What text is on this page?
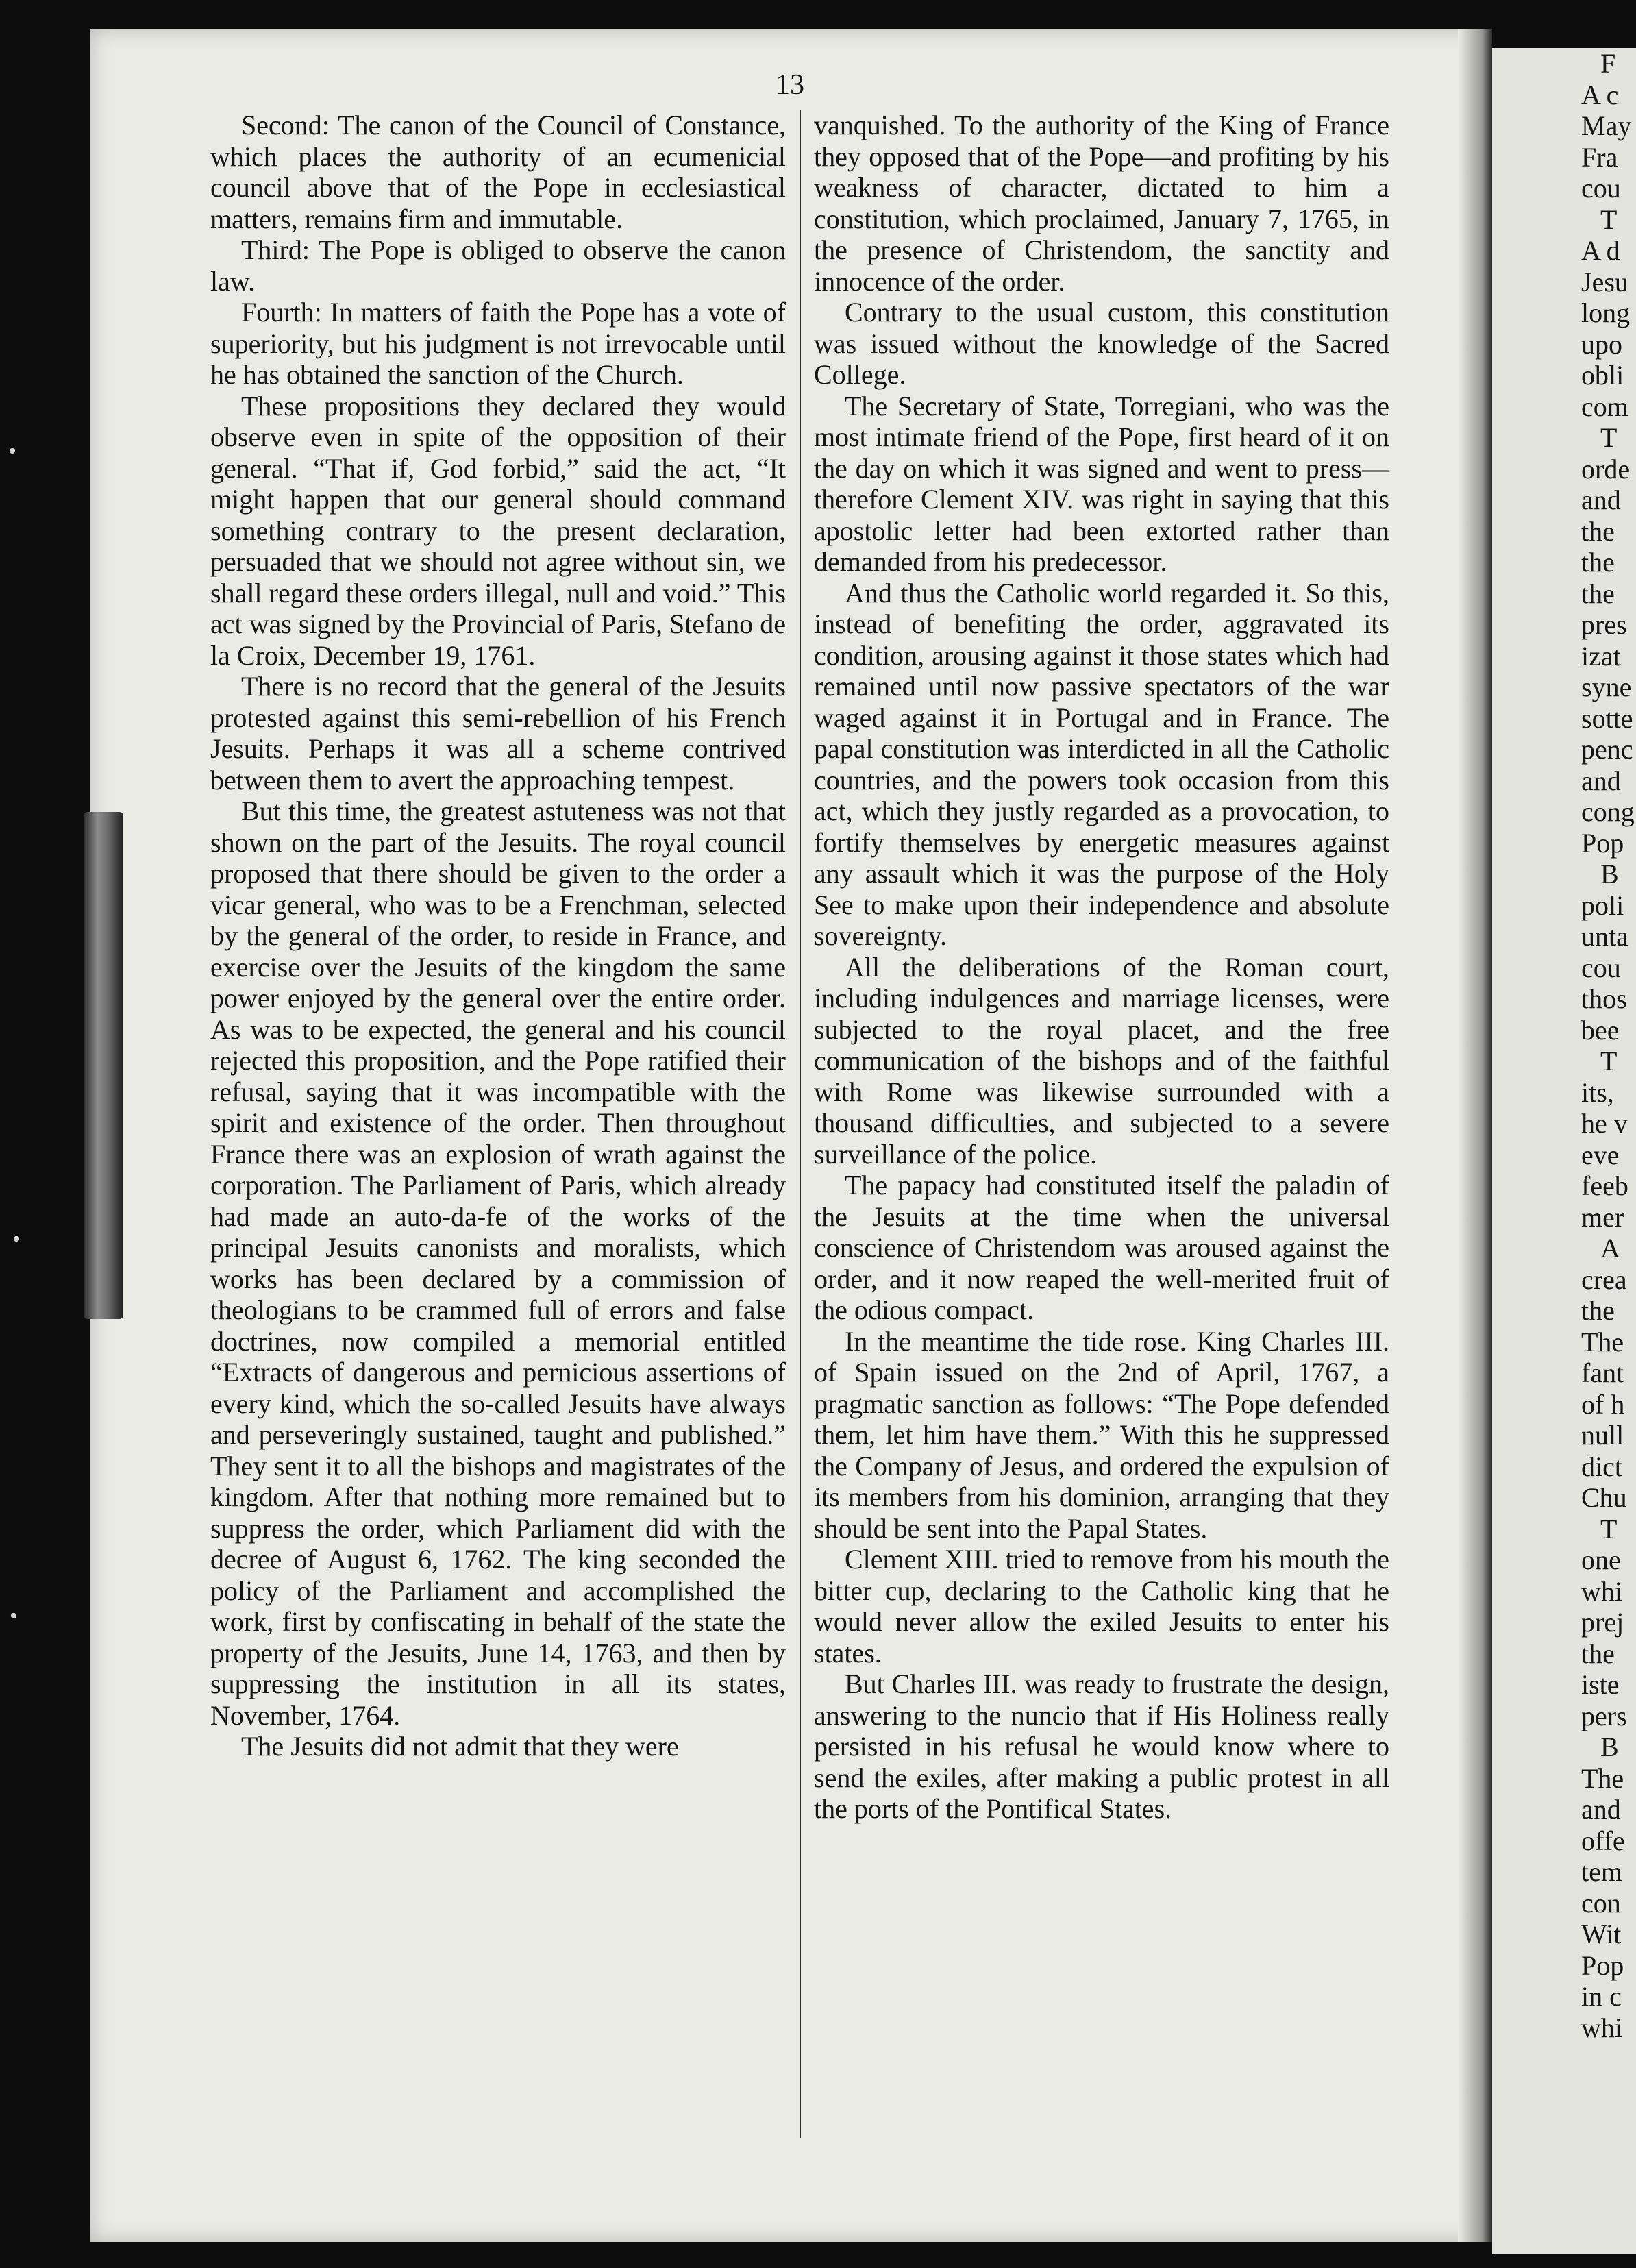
•
•
•
13

Second: The canon of the Council of Constance, which places the authority of an ecumenicial council above that of the Pope in ecclesiastical matters, remains firm and immutable.

Third: The Pope is obliged to observe the canon law.

Fourth: In matters of faith the Pope has a vote of superiority, but his judgment is not irrevocable until he has obtained the sanction of the Church.

These propositions they declared they would observe even in spite of the opposition of their general. “That if, God forbid,” said the act, “It might happen that our general should command something contrary to the present declaration, persuaded that we should not agree without sin, we shall regard these orders illegal, null and void.” This act was signed by the Provincial of Paris, Stefano de la Croix, December 19, 1761.

There is no record that the general of the Jesuits protested against this semi-rebellion of his French Jesuits. Perhaps it was all a scheme contrived between them to avert the approaching tempest.

But this time, the greatest astuteness was not that shown on the part of the Jesuits. The royal council proposed that there should be given to the order a vicar general, who was to be a Frenchman, selected by the general of the order, to reside in France, and exercise over the Jesuits of the kingdom the same power enjoyed by the general over the entire order. As was to be expected, the general and his council rejected this proposition, and the Pope ratified their refusal, saying that it was incompatible with the spirit and existence of the order. Then throughout France there was an explosion of wrath against the corporation. The Parliament of Paris, which already had made an auto-da-fe of the works of the principal Jesuits canonists and moralists, which works has been declared by a commission of theologians to be crammed full of errors and false doctrines, now compiled a memorial entitled “Extracts of dangerous and pernicious assertions of every kind, which the so-called Jesuits have always and perseveringly sustained, taught and published.” They sent it to all the bishops and magistrates of the kingdom. After that nothing more remained but to suppress the order, which Parliament did with the decree of August 6, 1762. The king seconded the policy of the Parliament and accomplished the work, first by confiscating in behalf of the state the property of the Jesuits, June 14, 1763, and then by suppressing the institution in all its states, November, 1764.

The Jesuits did not admit that they were

vanquished. To the authority of the King of France they opposed that of the Pope—and profiting by his weakness of character, dictated to him a constitution, which proclaimed, January 7, 1765, in the presence of Christendom, the sanctity and innocence of the order.

Contrary to the usual custom, this constitution was issued without the knowledge of the Sacred College.

The Secretary of State, Torregiani, who was the most intimate friend of the Pope, first heard of it on the day on which it was signed and went to press—therefore Clement XIV. was right in saying that this apostolic letter had been extorted rather than demanded from his predecessor.

And thus the Catholic world regarded it. So this, instead of benefiting the order, aggravated its condition, arousing against it those states which had remained until now passive spectators of the war waged against it in Portugal and in France. The papal constitution was interdicted in all the Catholic countries, and the powers took occasion from this act, which they justly regarded as a provocation, to fortify themselves by energetic measures against any assault which it was the purpose of the Holy See to make upon their independence and absolute sovereignty.

All the deliberations of the Roman court, including indulgences and marriage licenses, were subjected to the royal placet, and the free communication of the bishops and of the faithful with Rome was likewise surrounded with a thousand difficulties, and subjected to a severe surveillance of the police.

The papacy had constituted itself the paladin of the Jesuits at the time when the universal conscience of Christendom was aroused against the order, and it now reaped the well-merited fruit of the odious compact.

In the meantime the tide rose. King Charles III. of Spain issued on the 2nd of April, 1767, a pragmatic sanction as follows: “The Pope defended them, let him have them.” With this he suppressed the Company of Jesus, and ordered the expulsion of its members from his dominion, arranging that they should be sent into the Papal States.

Clement XIII. tried to remove from his mouth the bitter cup, declaring to the Catholic king that he would never allow the exiled Jesuits to enter his states.

But Charles III. was ready to frustrate the design, answering to the nuncio that if His Holiness really persisted in his refusal he would know where to send the exiles, after making a public protest in all the ports of the Pontifical States.

F
A c
May
Fra
cou
T
A d
Jesu
long
upo
obli
com
T
orde
and
the
the
the
pres
izat
syne
sotte
penc
and
cong
Pop
B
poli
unta
cou
thos
bee
T
its,
he v
eve
feeb
mer
A
crea
the
The
fant
of h
null
dict
Chu
T
one
whi
prej
the
iste
pers
B
The
and
offe
tem
con
Wit
Pop
in c
whi
